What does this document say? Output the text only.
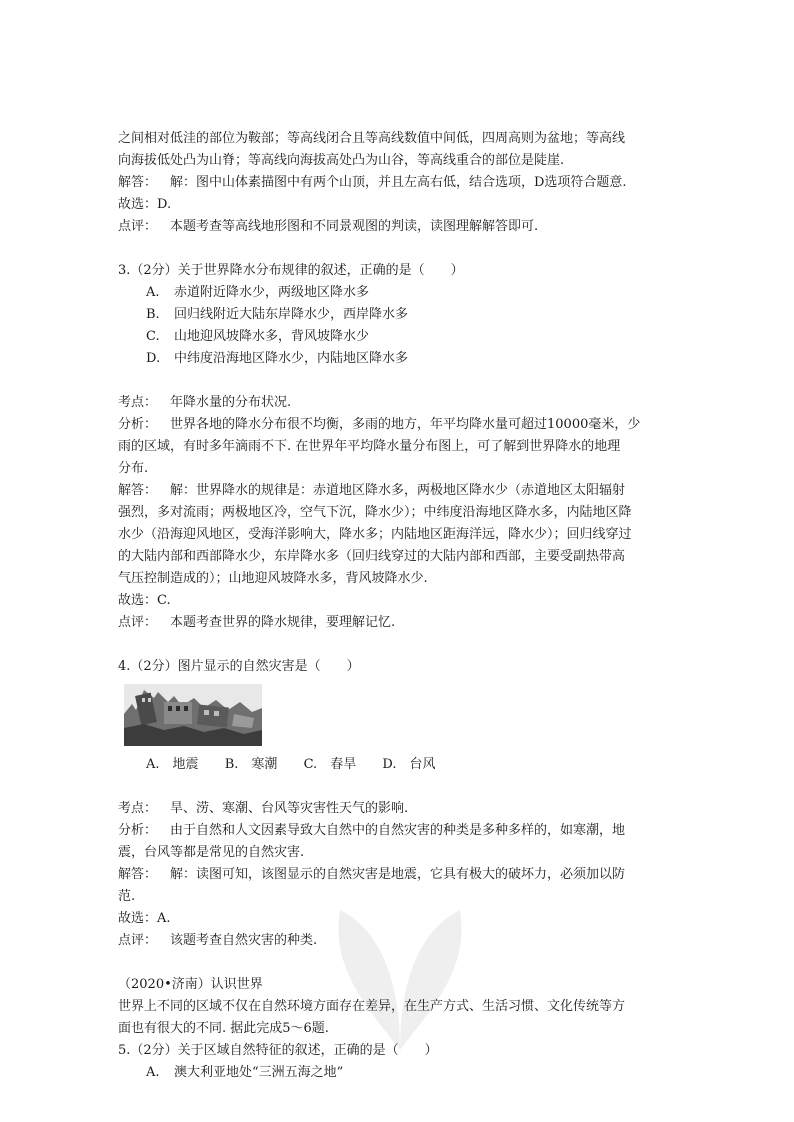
之间相对低洼的部位为鞍部；等高线闭合且等高线数值中间低，四周高则为盆地；等高线
向海拔低处凸为山脊；等高线向海拔高处凸为山谷，等高线重合的部位是陡崖.
解答： 解：图中山体素描图中有两个山顶，并且左高右低，结合选项，D选项符合题意.
故选：D.
点评： 本题考查等高线地形图和不同景观图的判读，读图理解解答即可.
3.（2分）关于世界降水分布规律的叙述，正确的是（　　）
A. 赤道附近降水少，两级地区降水多
B. 回归线附近大陆东岸降水少，西岸降水多
C. 山地迎风坡降水多，背风坡降水少
D. 中纬度沿海地区降水少，内陆地区降水多
考点： 年降水量的分布状况.
分析： 世界各地的降水分布很不均衡，多雨的地方，年平均降水量可超过10000毫米，少
雨的区域，有时多年滴雨不下. 在世界年平均降水量分布图上，可了解到世界降水的地理
分布.
解答： 解：世界降水的规律是：赤道地区降水多，两极地区降水少（赤道地区太阳辐射
强烈，多对流雨；两极地区冷，空气下沉，降水少）；中纬度沿海地区降水多，内陆地区降
水少（沿海迎风地区，受海洋影响大，降水多；内陆地区距海洋远，降水少）；回归线穿过
的大陆内部和西部降水少，东岸降水多（回归线穿过的大陆内部和西部，主要受副热带高
气压控制造成的）；山地迎风坡降水多，背风坡降水少.
故选：C.
点评： 本题考查世界的降水规律，要理解记忆.
4.（2分）图片显示的自然灾害是（　　）
A.　 地震 B.　 寒潮 C.　 春旱 D.　 台风
考点： 旱、涝、寒潮、台风等灾害性天气的影响.
分析： 由于自然和人文因素导致大自然中的自然灾害的种类是多种多样的，如寒潮，地
震，台风等都是常见的自然灾害.
解答： 解：读图可知，该图显示的自然灾害是地震，它具有极大的破坏力，必须加以防
范.
故选：A.
点评： 该题考查自然灾害的种类.
（2020•济南）认识世界
世界上不同的区域不仅在自然环境方面存在差异，在生产方式、生活习惯、文化传统等方
面也有很大的不同. 据此完成5～6题.
5.（2分）关于区域自然特征的叙述，正确的是（　　）
A. 澳大利亚地处“三洲五海之地”
